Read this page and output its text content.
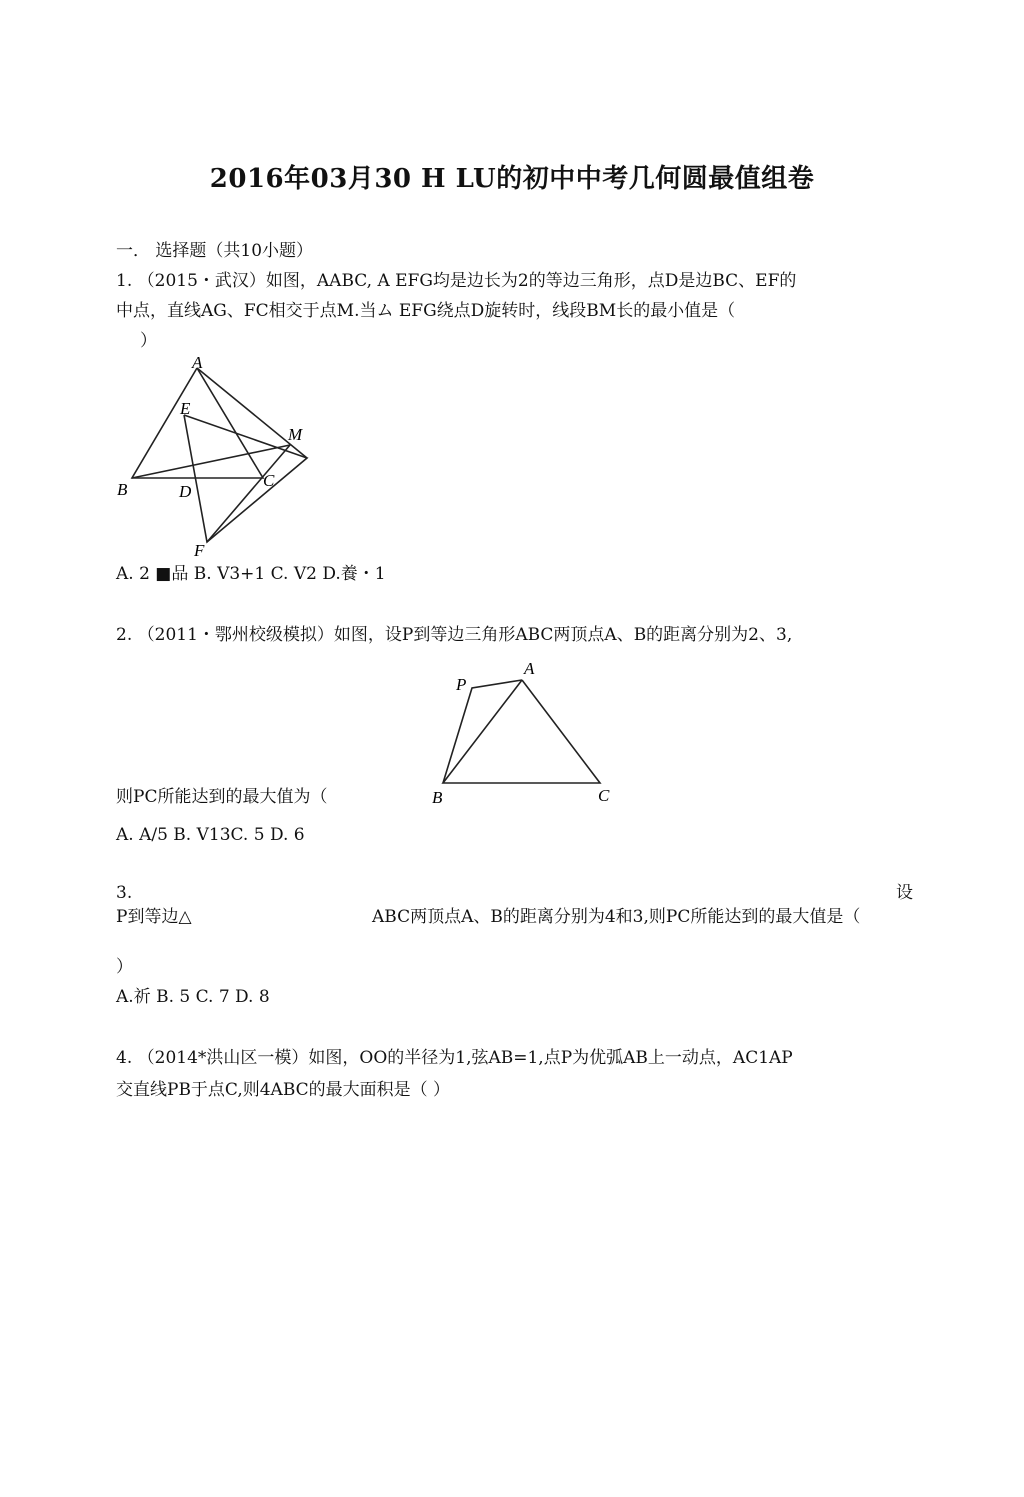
2016年03月30 H LU的初中中考几何圆最值组卷
一． 选择题（共10小题）
1. （2015・武汉）如图，AABC, A EFG均是边长为2的等边三角形，点D是边BC、EF的
中点，直线AG、FC相交于点M.当ム EFG绕点D旋转时，线段BM长的最小值是（
）
A
E
M
B	D
C
F
A. 2 ■品 B. V3+1 C. V2 D.養・1
2. （2011・鄂州校级模拟）如图，设P到等边三角形ABC两顶点A、B的距离分别为2、3,
P
A
B	C
则PC所能达到的最大值为（
A. A/5 B. V13C. 5 D. 6
3.	设
P到等边△	ABC两顶点A、B的距离分别为4和3,则PC所能达到的最大值是（
）
A.祈 B. 5 C. 7 D. 8
4. （2014*洪山区一模）如图，OO的半径为1,弦AB=1,点P为优弧AB上一动点，AC1AP
交直线PB于点C,则4ABC的最大面积是（ ）
